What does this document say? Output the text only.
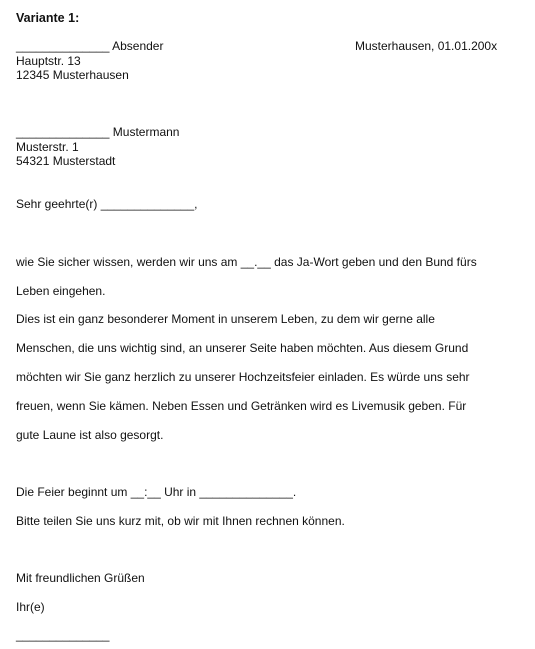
Variante 1:
______________ Absender
Hauptstr. 13
12345 Musterhausen
Musterhausen, 01.01.200x
______________ Mustermann
Musterstr. 1
54321 Musterstadt
Sehr geehrte(r) ______________,
wie Sie sicher wissen, werden wir uns am __.__ das Ja-Wort geben und den Bund fürs
Leben eingehen.
Dies ist ein ganz besonderer Moment in unserem Leben, zu dem wir gerne alle
Menschen, die uns wichtig sind, an unserer Seite haben möchten. Aus diesem Grund
möchten wir Sie ganz herzlich zu unserer Hochzeitsfeier einladen. Es würde uns sehr
freuen, wenn Sie kämen. Neben Essen und Getränken wird es Livemusik geben. Für
gute Laune ist also gesorgt.
Die Feier beginnt um __:__ Uhr in ______________.
Bitte teilen Sie uns kurz mit, ob wir mit Ihnen rechnen können.
Mit freundlichen Grüßen
Ihr(e)
______________
